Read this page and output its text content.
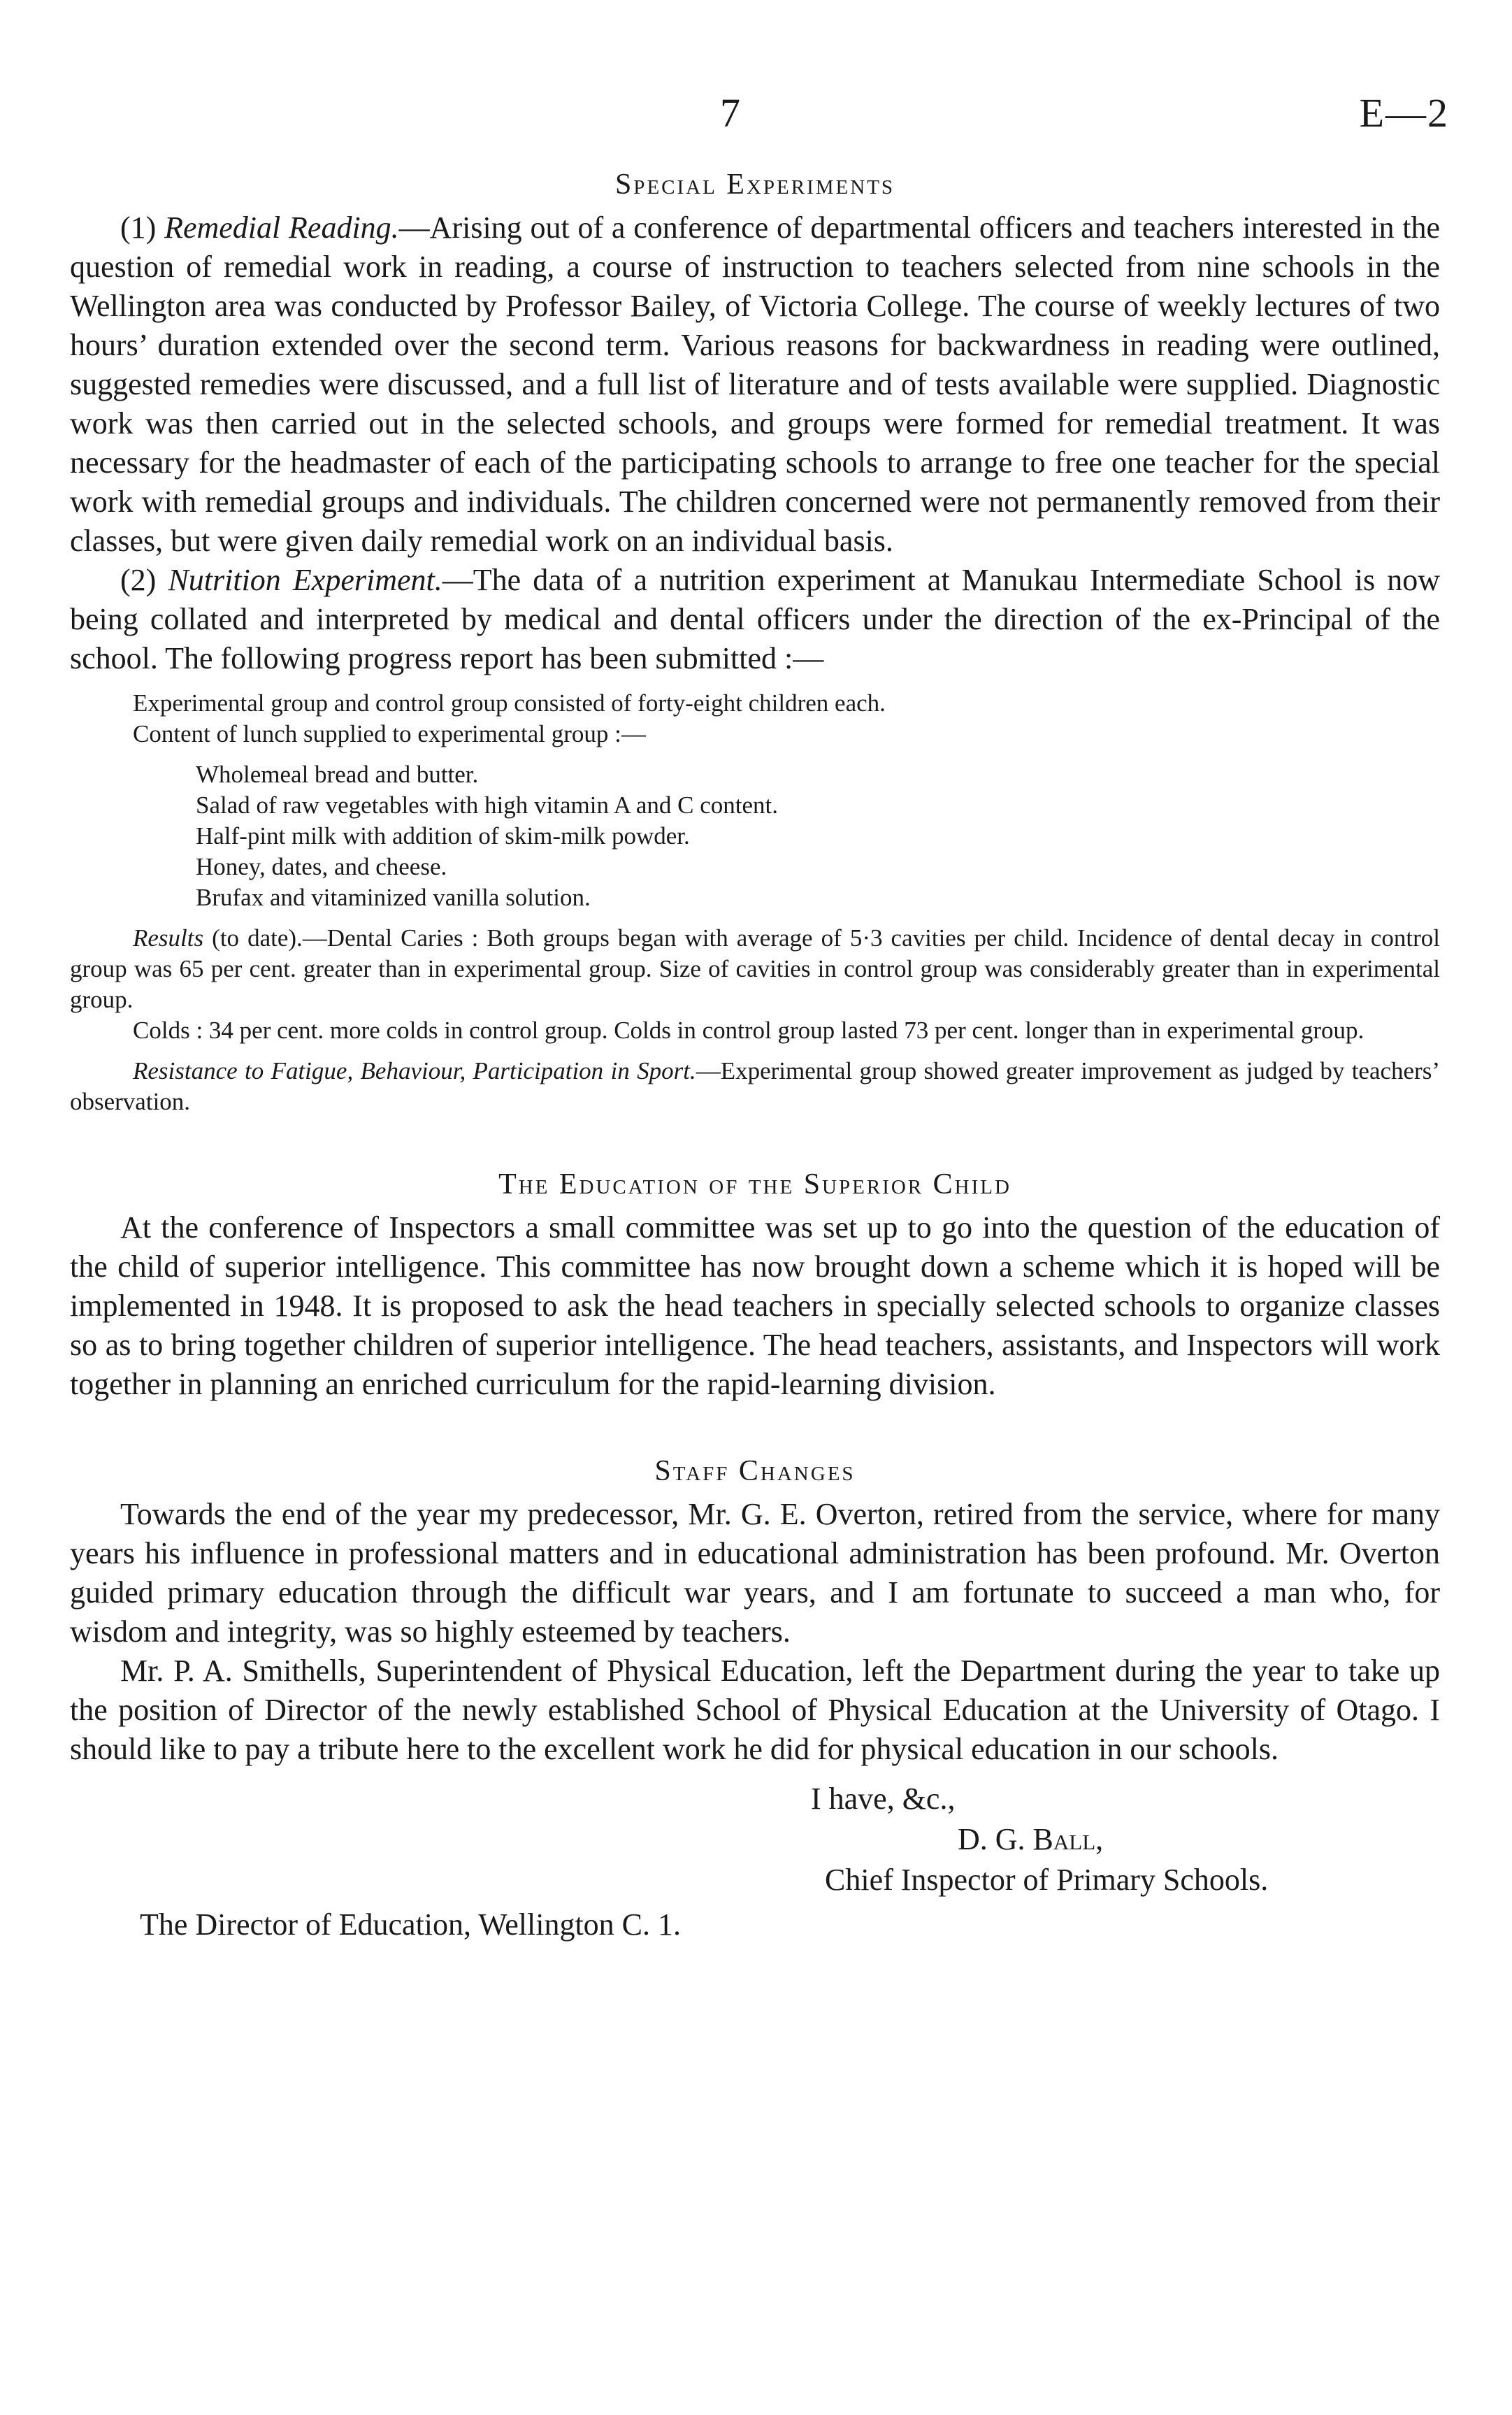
7	E—2
Special Experiments

(1) Remedial Reading.—Arising out of a conference of departmental officers and teachers interested in the question of remedial work in reading, a course of instruction to teachers selected from nine schools in the Wellington area was conducted by Professor Bailey, of Victoria College. The course of weekly lectures of two hours’ duration extended over the second term. Various reasons for backwardness in reading were outlined, suggested remedies were discussed, and a full list of literature and of tests available were supplied. Diagnostic work was then carried out in the selected schools, and groups were formed for remedial treatment. It was necessary for the headmaster of each of the participating schools to arrange to free one teacher for the special work with remedial groups and individuals. The children concerned were not permanently removed from their classes, but were given daily remedial work on an individual basis.

(2) Nutrition Experiment.—The data of a nutrition experiment at Manukau Intermediate School is now being collated and interpreted by medical and dental officers under the direction of the ex-Principal of the school. The following progress report has been submitted :—

Experimental group and control group consisted of forty-eight children each.
Content of lunch supplied to experimental group :—
Wholemeal bread and butter.
Salad of raw vegetables with high vitamin A and C content.
Half-pint milk with addition of skim-milk powder.
Honey, dates, and cheese.
Brufax and vitaminized vanilla solution.

Results (to date).—Dental Caries : Both groups began with average of 5·3 cavities per child. Incidence of dental decay in control group was 65 per cent. greater than in experimental group. Size of cavities in control group was considerably greater than in experimental group.

Colds : 34 per cent. more colds in control group. Colds in control group lasted 73 per cent. longer than in experimental group.

Resistance to Fatigue, Behaviour, Participation in Sport.—Experimental group showed greater improvement as judged by teachers’ observation.

The Education of the Superior Child

At the conference of Inspectors a small committee was set up to go into the question of the education of the child of superior intelligence. This committee has now brought down a scheme which it is hoped will be implemented in 1948. It is proposed to ask the head teachers in specially selected schools to organize classes so as to bring together children of superior intelligence. The head teachers, assistants, and Inspectors will work together in planning an enriched curriculum for the rapid-learning division.

Staff Changes

Towards the end of the year my predecessor, Mr. G. E. Overton, retired from the service, where for many years his influence in professional matters and in educational administration has been profound. Mr. Overton guided primary education through the difficult war years, and I am fortunate to succeed a man who, for wisdom and integrity, was so highly esteemed by teachers.

Mr. P. A. Smithells, Superintendent of Physical Education, left the Department during the year to take up the position of Director of the newly established School of Physical Education at the University of Otago. I should like to pay a tribute here to the excellent work he did for physical education in our schools.

I have, &c.,
D. G. Ball,
Chief Inspector of Primary Schools.
The Director of Education, Wellington C. 1.
